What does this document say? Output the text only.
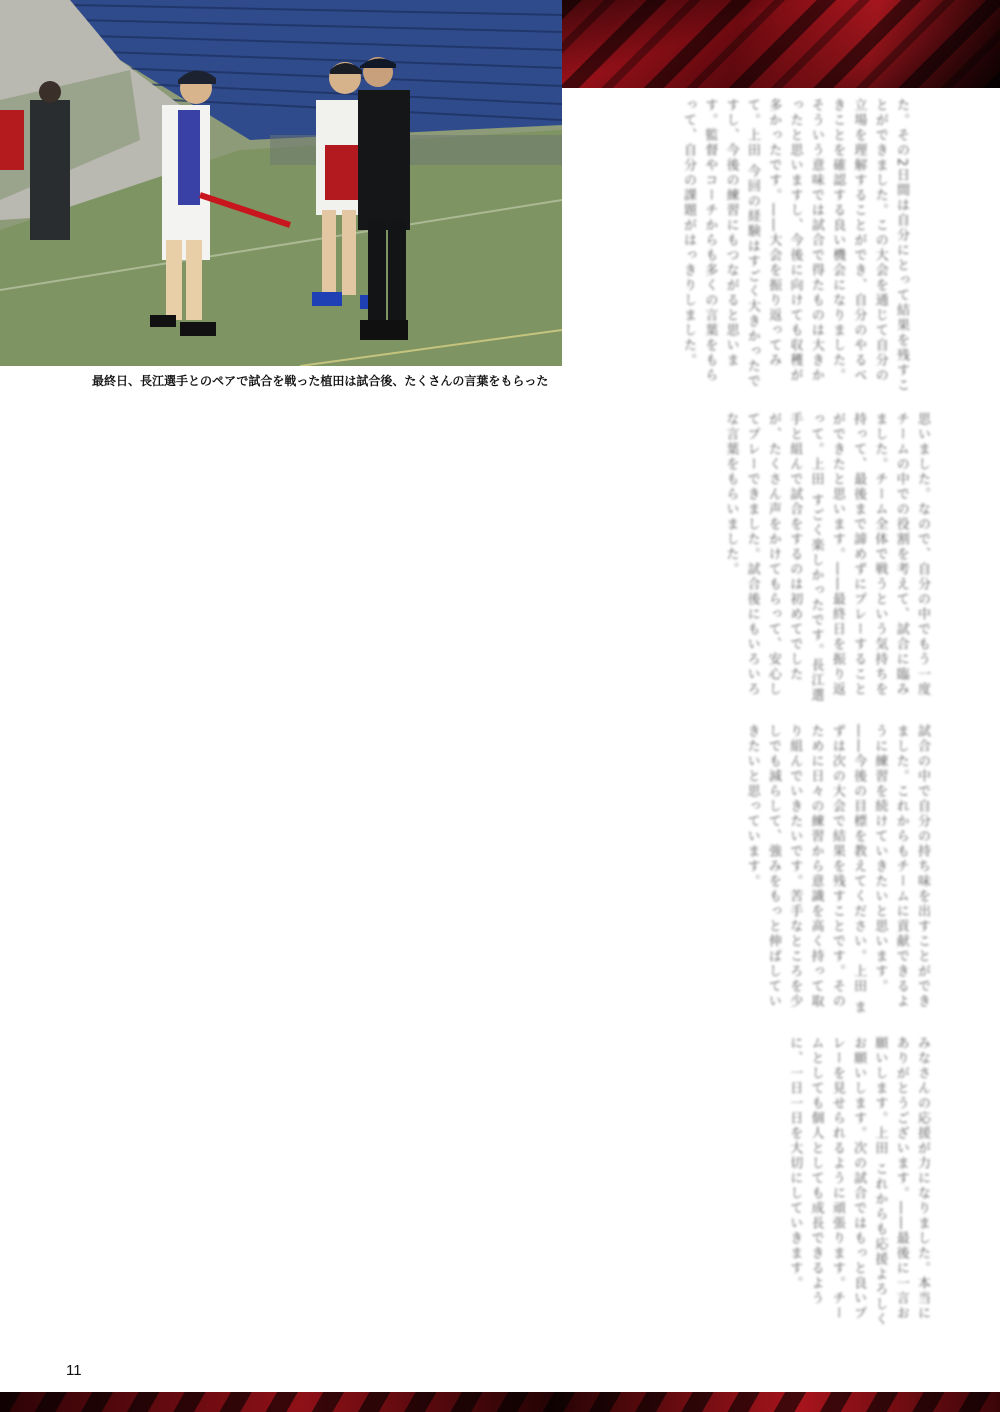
最終日、長江選手とのペアで試合を戦った植田は試合後、たくさんの言葉をもらった	た。その2日間は自分にとって結果を残すことができました。この大会を通じて自分の立場を理解することができ、自分のやるべきことを確認する良い機会になりました。そういう意味では試合で得たものは大きかったと思いますし、今後に向けても収穫が多かったです。――大会を振り返ってみて。上田 今回の経験はすごく大きかったですし、今後の練習にもつながると思います。監督やコーチからも多くの言葉をもらって、自分の課題がはっきりしました。

思いました。なので、自分の中でもう一度チームの中での役割を考えて、試合に臨みました。チーム全体で戦うという気持ちを持って、最後まで諦めずにプレーすることができたと思います。――最終日を振り返って。上田 すごく楽しかったです。長江選手と組んで試合をするのは初めてでしたが、たくさん声をかけてもらって、安心してプレーできました。試合後にもいろいろな言葉をもらいました。

試合の中で自分の持ち味を出すことができました。これからもチームに貢献できるように練習を続けていきたいと思います。――今後の目標を教えてください。上田 まずは次の大会で結果を残すことです。そのために日々の練習から意識を高く持って取り組んでいきたいです。苦手なところを少しでも減らして、強みをもっと伸ばしていきたいと思っています。

みなさんの応援が力になりました。本当にありがとうございます。――最後に一言お願いします。上田 これからも応援よろしくお願いします。次の試合ではもっと良いプレーを見せられるように頑張ります。チームとしても個人としても成長できるように、一日一日を大切にしていきます。

11
